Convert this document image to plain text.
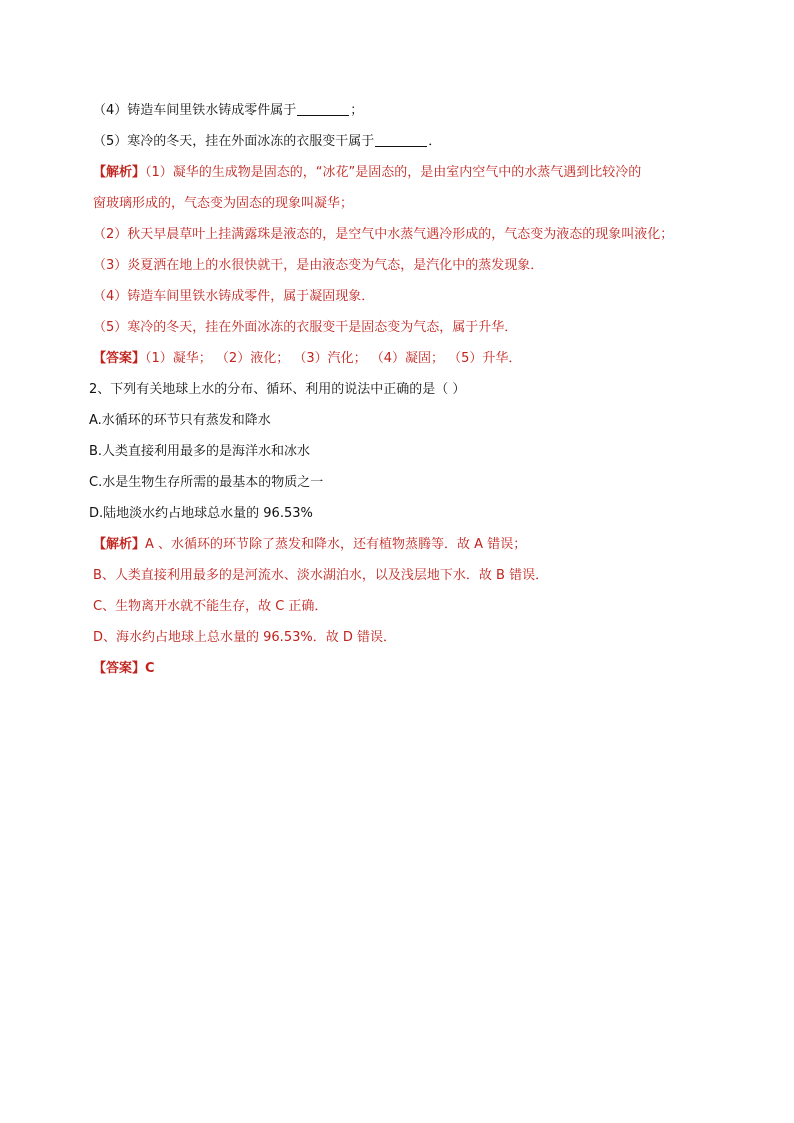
（4）铸造车间里铁水铸成零件属于	；
（5）寒冷的冬天，挂在外面冰冻的衣服变干属于	．
【解析】（1）凝华的生成物是固态的，“冰花”是固态的，是由室内空气中的水蒸气遇到比较冷的
窗玻璃形成的，气态变为固态的现象叫凝华；
（2）秋天早晨草叶上挂满露珠是液态的，是空气中水蒸气遇冷形成的，气态变为液态的现象叫液化；
（3）炎夏洒在地上的水很快就干，是由液态变为气态，是汽化中的蒸发现象．
（4）铸造车间里铁水铸成零件，属于凝固现象．
（5）寒冷的冬天，挂在外面冰冻的衣服变干是固态变为气态，属于升华．
【答案】（1）凝华； （2）液化； （3）汽化； （4）凝固； （5）升华．
2、下列有关地球上水的分布、循环、利用的说法中正确的是（ ）
A.水循环的环节只有蒸发和降水
B.人类直接利用最多的是海洋水和冰水
C.水是生物生存所需的最基本的物质之一
D.陆地淡水约占地球总水量的 96.53%
【解析】A 、水循环的环节除了蒸发和降水，还有植物蒸腾等．故 A 错误；
B、人类直接利用最多的是河流水、淡水湖泊水，以及浅层地下水．故 B 错误．
C、生物离开水就不能生存，故 C 正确．
D、海水约占地球上总水量的 96.53%．故 D 错误．
【答案】C
